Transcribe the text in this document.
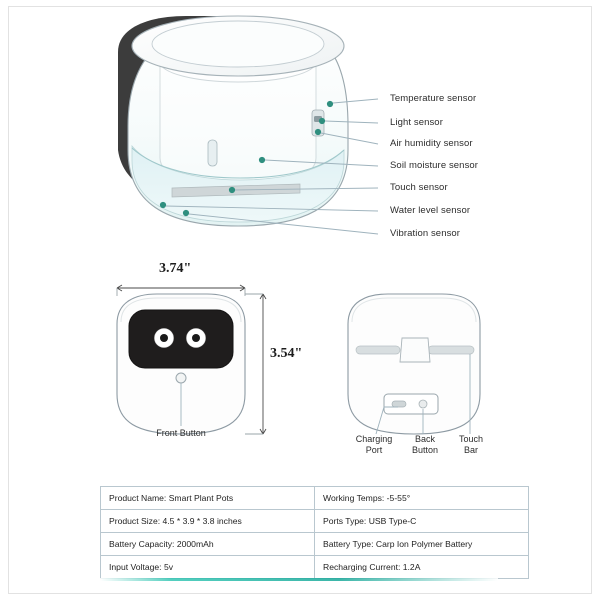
Temperature sensor
Light sensor
Air humidity sensor
Soil moisture sensor
Touch sensor
Water level sensor
Vibration sensor
Front Button
3.74"
3.54"
Charging
Port
Back
Button
Touch
Bar
Product Name: Smart Plant Pots	Working Temps: -5-55°
Product Size: 4.5 * 3.9 * 3.8 inches	Ports Type: USB Type-C
Battery Capacity: 2000mAh	Battery Type: Carp Ion Polymer Battery
Input Voltage: 5v	Recharging Current: 1.2A
